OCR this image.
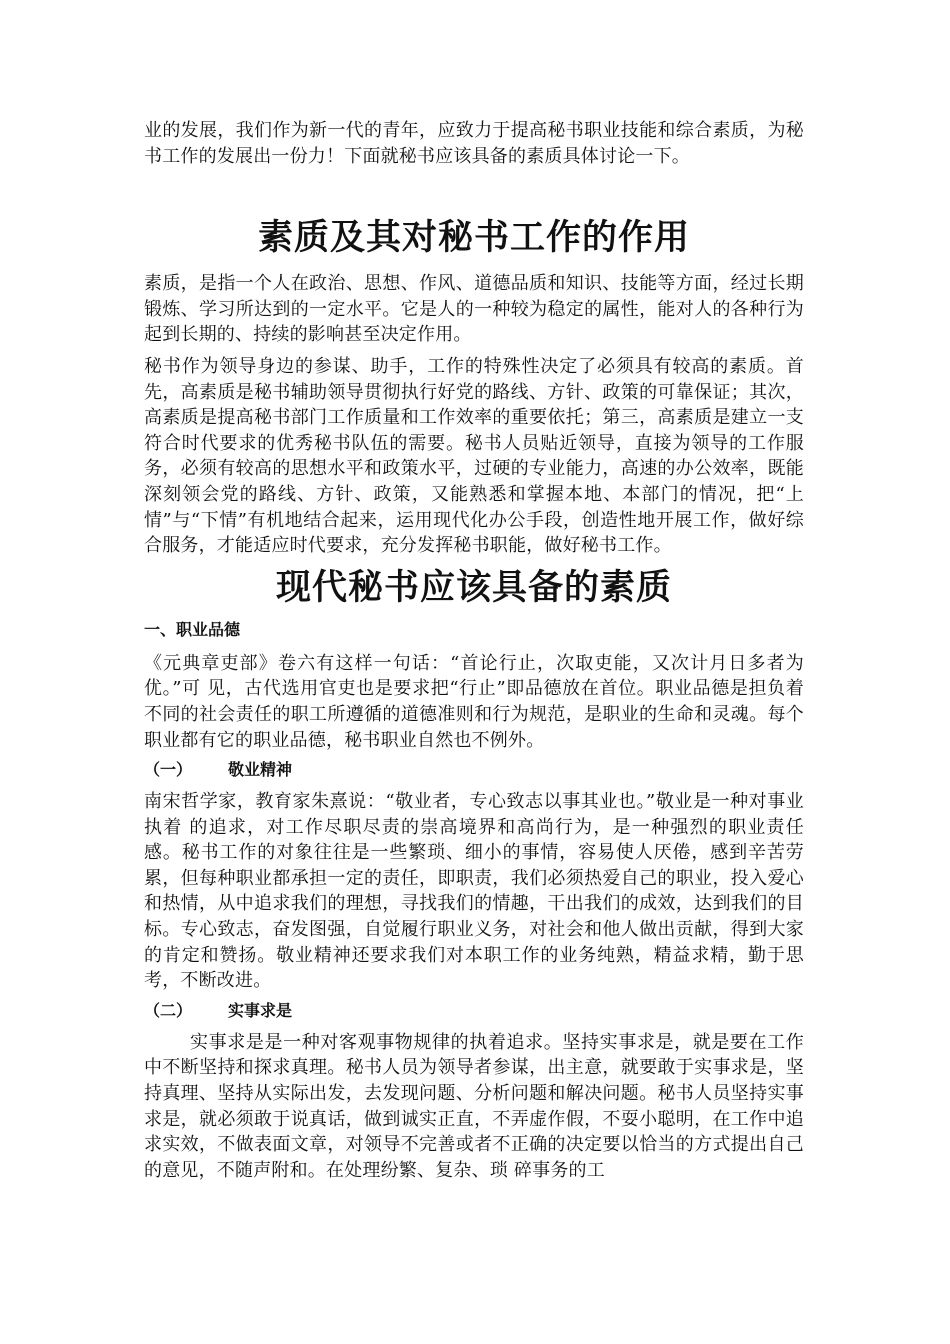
业的发展，我们作为新一代的青年，应致力于提高秘书职业技能和综合素质，为秘书工作的发展出一份力！下面就秘书应该具备的素质具体讨论一下。

素质及其对秘书工作的作用

素质，是指一个人在政治、思想、作风、道德品质和知识、技能等方面，经过长期锻炼、学习所达到的一定水平。它是人的一种较为稳定的属性，能对人的各种行为起到长期的、持续的影响甚至决定作用。

秘书作为领导身边的参谋、助手，工作的特殊性决定了必须具有较高的素质。首先，高素质是秘书辅助领导贯彻执行好党的路线、方针、政策的可靠保证；其次，高素质是提高秘书部门工作质量和工作效率的重要依托；第三，高素质是建立一支符合时代要求的优秀秘书队伍的需要。秘书人员贴近领导，直接为领导的工作服务，必须有较高的思想水平和政策水平，过硬的专业能力，高速的办公效率，既能深刻领会党的路线、方针、政策，又能熟悉和掌握本地、本部门的情况，把“上情”与“下情”有机地结合起来，运用现代化办公手段，创造性地开展工作，做好综合服务，才能适应时代要求，充分发挥秘书职能，做好秘书工作。

现代秘书应该具备的素质
一、职业品德

《元典章吏部》卷六有这样一句话：“首论行止，次取吏能，又次计月日多者为优。”可 见，古代选用官吏也是要求把“行止”即品德放在首位。职业品德是担负着不同的社会责任的职工所遵循的道德准则和行为规范，是职业的生命和灵魂。每个职业都有它的职业品德，秘书职业自然也不例外。

（一） 敬业精神

南宋哲学家，教育家朱熹说：“敬业者，专心致志以事其业也。”敬业是一种对事业执着 的追求，对工作尽职尽责的崇高境界和高尚行为，是一种强烈的职业责任感。秘书工作的对象往往是一些繁琐、细小的事情，容易使人厌倦，感到辛苦劳累，但每种职业都承担一定的责任，即职责，我们必须热爱自己的职业，投入爱心和热情，从中追求我们的理想，寻找我们的情趣，干出我们的成效，达到我们的目标。专心致志，奋发图强，自觉履行职业义务，对社会和他人做出贡献，得到大家的肯定和赞扬。敬业精神还要求我们对本职工作的业务纯熟，精益求精，勤于思考，不断改进。

（二） 实事求是

实事求是是一种对客观事物规律的执着追求。坚持实事求是，就是要在工作中不断坚持和探求真理。秘书人员为领导者参谋，出主意，就要敢于实事求是，坚持真理、坚持从实际出发，去发现问题、分析问题和解决问题。秘书人员坚持实事求是，就必须敢于说真话，做到诚实正直，不弄虚作假，不耍小聪明，在工作中追求实效，不做表面文章，对领导不完善或者不正确的决定要以恰当的方式提出自己的意见，不随声附和。在处理纷繁、复杂、琐 碎事务的工
